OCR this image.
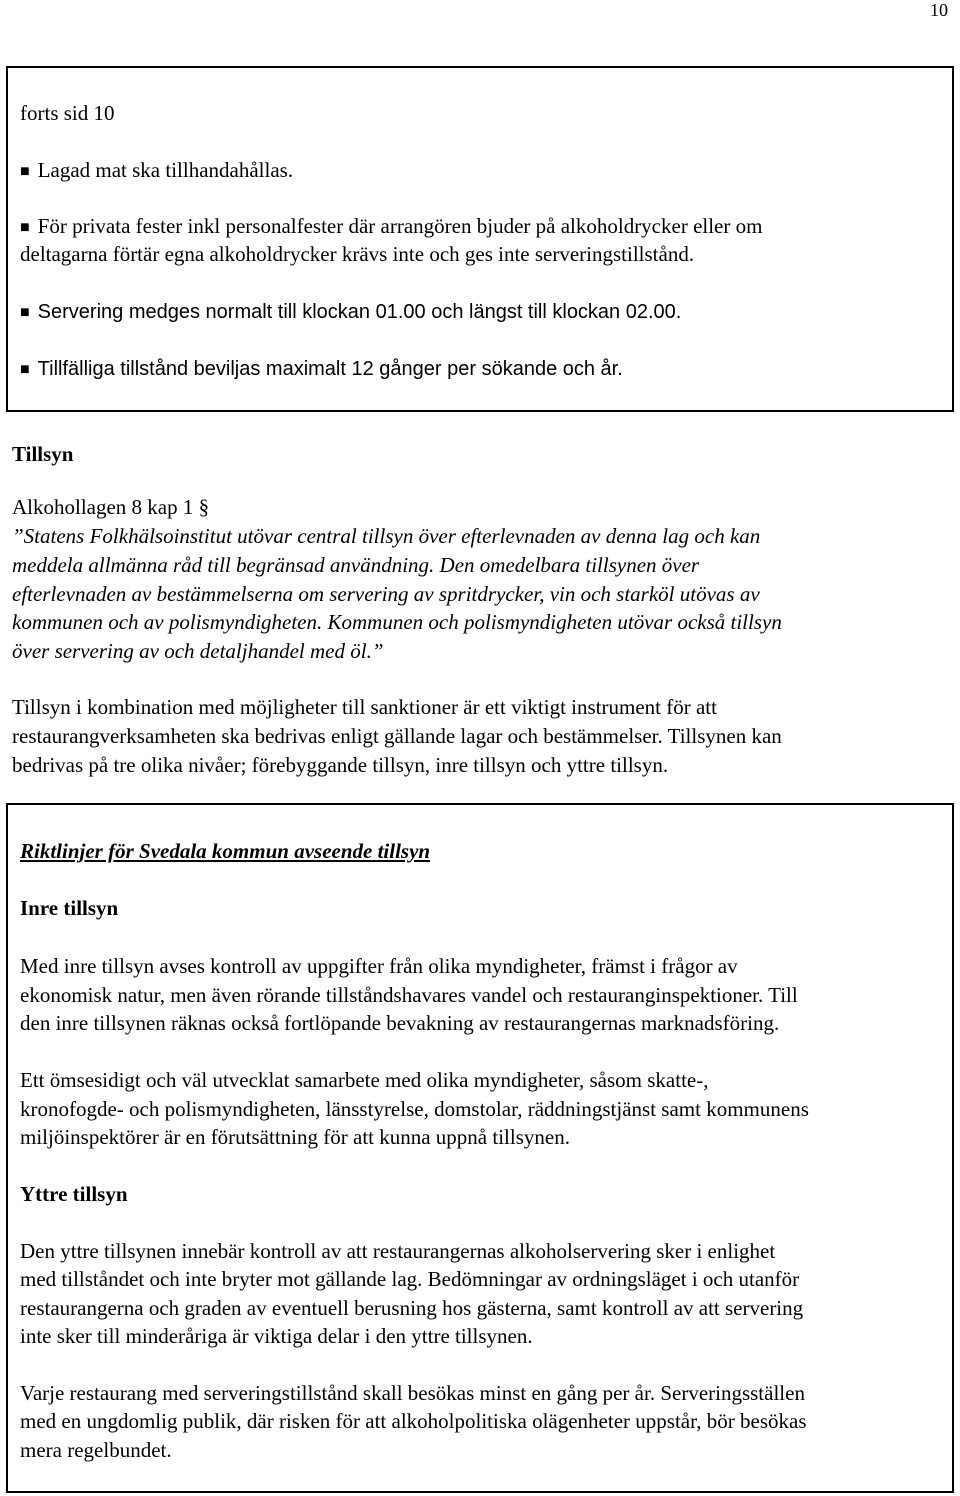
10
forts sid 10
■ Lagad mat ska tillhandahållas.
■ För privata fester inkl personalfester där arrangören bjuder på alkoholdrycker eller om
deltagarna förtär egna alkoholdrycker krävs inte och ges inte serveringstillstånd.
■ Servering medges normalt till klockan 01.00 och längst till klockan 02.00.
■ Tillfälliga tillstånd beviljas maximalt 12 gånger per sökande och år.
Tillsyn
Alkohollagen 8 kap 1 §
”Statens Folkhälsoinstitut utövar central tillsyn över efterlevnaden av denna lag och kan
meddela allmänna råd till begränsad användning. Den omedelbara tillsynen över
efterlevnaden av bestämmelserna om servering av spritdrycker, vin och starköl utövas av
kommunen och av polismyndigheten. Kommunen och polismyndigheten utövar också tillsyn
över servering av och detaljhandel med öl.”
Tillsyn i kombination med möjligheter till sanktioner är ett viktigt instrument för att
restaurangverksamheten ska bedrivas enligt gällande lagar och bestämmelser. Tillsynen kan
bedrivas på tre olika nivåer; förebyggande tillsyn, inre tillsyn och yttre tillsyn.
Riktlinjer för Svedala kommun avseende tillsyn
Inre tillsyn
Med inre tillsyn avses kontroll av uppgifter från olika myndigheter, främst i frågor av
ekonomisk natur, men även rörande tillståndshavares vandel och restauranginspektioner. Till
den inre tillsynen räknas också fortlöpande bevakning av restaurangernas marknadsföring.
Ett ömsesidigt och väl utvecklat samarbete med olika myndigheter, såsom skatte-,
kronofogde- och polismyndigheten, länsstyrelse, domstolar, räddningstjänst samt kommunens
miljöinspektörer är en förutsättning för att kunna uppnå tillsynen.
Yttre tillsyn
Den yttre tillsynen innebär kontroll av att restaurangernas alkoholservering sker i enlighet
med tillståndet och inte bryter mot gällande lag. Bedömningar av ordningsläget i och utanför
restaurangerna och graden av eventuell berusning hos gästerna, samt kontroll av att servering
inte sker till minderåriga är viktiga delar i den yttre tillsynen.
Varje restaurang med serveringstillstånd skall besökas minst en gång per år. Serveringsställen
med en ungdomlig publik, där risken för att alkoholpolitiska olägenheter uppstår, bör besökas
mera regelbundet.
